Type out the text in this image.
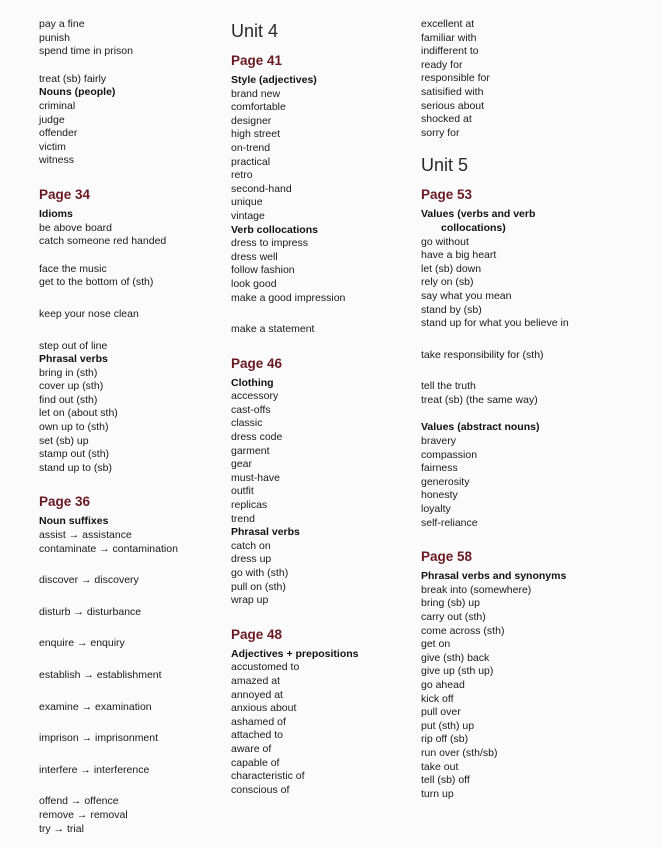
pay a fine

punish

spend time in prison

treat (sb) fairly

Nouns (people)

criminal

judge

offender

victim

witness

Page 34

Idioms

be above board

catch someone red handed

face the music

get to the bottom of (sth)

keep your nose clean

step out of line

Phrasal verbs

bring in (sth)

cover up (sth)

find out (sth)

let on (about sth)

own up to (sth)

set (sb) up

stamp out (sth)

stand up to (sb)

Page 36

Noun suffixes

assist → assistance

contaminate → contamination

discover → discovery

disturb → disturbance

enquire → enquiry

establish → establishment

examine → examination

imprison → imprisonment

interfere → interference

offend → offence

remove → removal

try → trial

Unit 4
Page 41

Style (adjectives)

brand new

comfortable

designer

high street

on-trend

practical

retro

second-hand

unique

vintage

Verb collocations

dress to impress

dress well

follow fashion

look good

make a good impression

make a statement

Page 46

Clothing

accessory

cast-offs

classic

dress code

garment

gear

must-have

outfit

replicas

trend

Phrasal verbs

catch on

dress up

go with (sth)

pull on (sth)

wrap up

Page 48

Adjectives + prepositions

accustomed to

amazed at

annoyed at

anxious about

ashamed of

attached to

aware of

capable of

characteristic of

conscious of

excellent at

familiar with

indifferent to

ready for

responsible for

satisified with

serious about

shocked at

sorry for

Unit 5
Page 53

Values (verbs and verb

collocations)

go without

have a big heart

let (sb) down

rely on (sb)

say what you mean

stand by (sb)

stand up for what you believe in

take responsibility for (sth)

tell the truth

treat (sb) (the same way)

Values (abstract nouns)

bravery

compassion

fairness

generosity

honesty

loyalty

self-reliance

Page 58

Phrasal verbs and synonyms

break into (somewhere)

bring (sb) up

carry out (sth)

come across (sth)

get on

give (sth) back

give up (sth up)

go ahead

kick off

pull over

put (sth) up

rip off (sb)

run over (sth/sb)

take out

tell (sb) off

turn up
